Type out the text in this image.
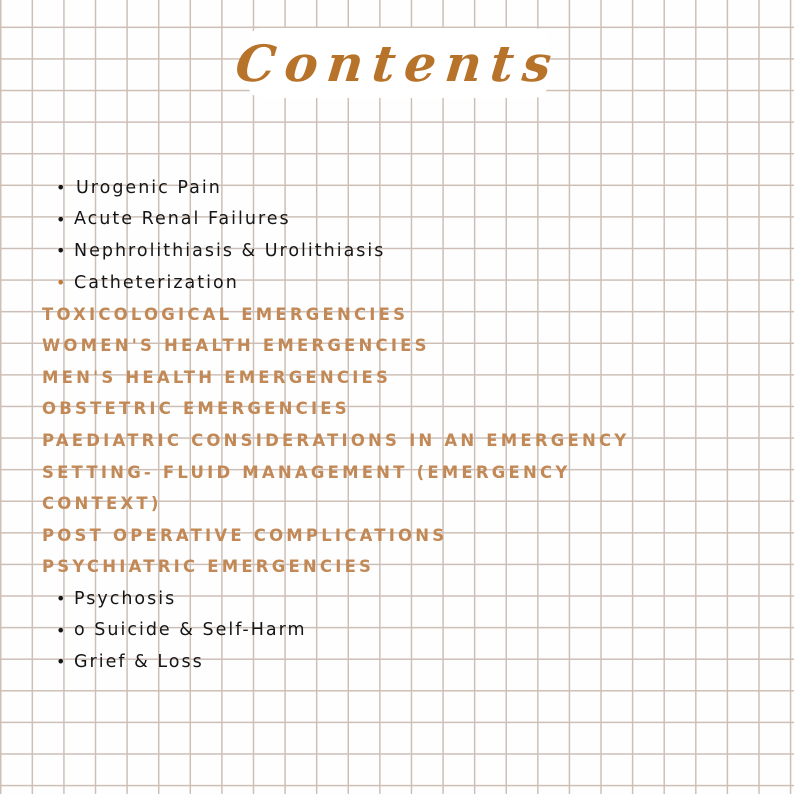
Contents
• Urogenic Pain
• Acute Renal Failures
• Nephrolithiasis & Urolithiasis
• Catheterization
TOXICOLOGICAL EMERGENCIES
WOMEN'S HEALTH EMERGENCIES
MEN'S HEALTH EMERGENCIES
OBSTETRIC EMERGENCIES
PAEDIATRIC CONSIDERATIONS IN AN EMERGENCY
SETTING- FLUID MANAGEMENT (EMERGENCY
CONTEXT)
POST OPERATIVE COMPLICATIONS
PSYCHIATRIC EMERGENCIES
• Psychosis
• o Suicide & Self-Harm
• Grief & Loss
